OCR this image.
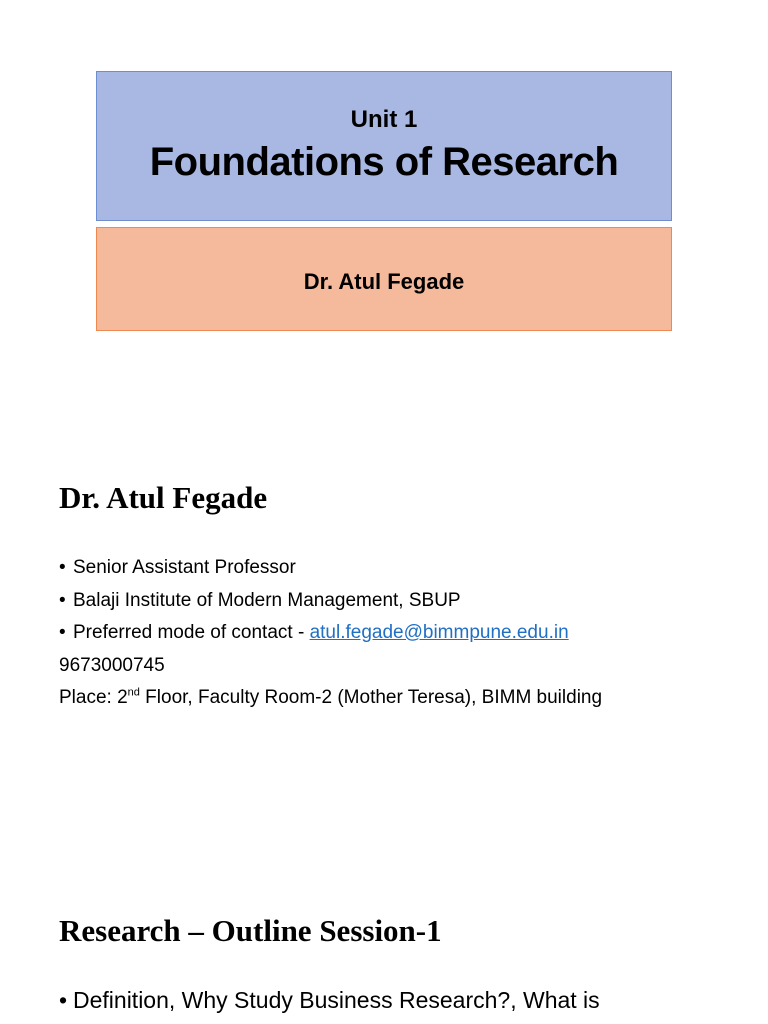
Unit 1
Foundations of Research
Dr. Atul Fegade
Dr. Atul Fegade
• Senior Assistant Professor
• Balaji Institute of Modern Management, SBUP
• Preferred mode of contact - atul.fegade@bimmpune.edu.in
9673000745
Place: 2nd Floor, Faculty Room-2 (Mother Teresa), BIMM building
Research – Outline Session-1
• Definition, Why Study Business Research?, What is
